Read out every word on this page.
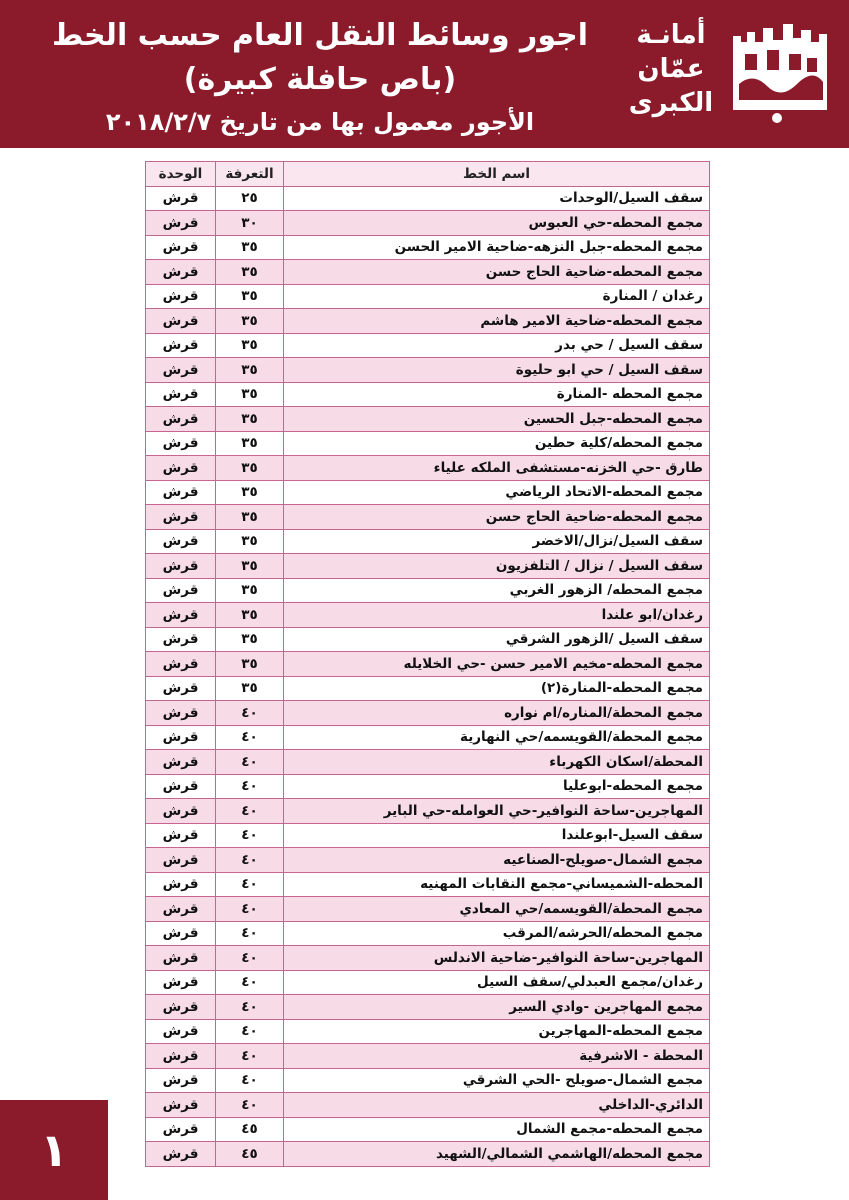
اجور وسائط النقل العام حسب الخط
(باص حافلة كبيرة)
الأجور معمول بها من تاريخ ٢٠١٨/٢/٧
أمانـة
عمّان
الكبرى
اسم الخط	التعرفة	الوحدة
سقف السيل/الوحدات	٢٥	قرش
مجمع المحطه-حي العبوس	٣٠	قرش
مجمع المحطه-جبل النزهه-ضاحية الامير الحسن	٣٥	قرش
مجمع المحطه-ضاحية الحاج حسن	٣٥	قرش
رغدان / المنارة	٣٥	قرش
مجمع المحطه-ضاحية الامير هاشم	٣٥	قرش
سقف السيل / حي بدر	٣٥	قرش
سقف السيل / حي ابو حليوة	٣٥	قرش
مجمع المحطه -المنارة	٣٥	قرش
مجمع المحطه-جبل الحسين	٣٥	قرش
مجمع المحطه/كلية حطين	٣٥	قرش
طارق -حي الخزنه-مستشفى الملكه علياء	٣٥	قرش
مجمع المحطه-الاتحاد الرياضي	٣٥	قرش
مجمع المحطه-ضاحية الحاج حسن	٣٥	قرش
سقف السيل/نزال/الاخضر	٣٥	قرش
سقف السيل / نزال / التلفزيون	٣٥	قرش
مجمع المحطه/ الزهور الغربي	٣٥	قرش
رغدان/ابو علندا	٣٥	قرش
سقف السيل /الزهور الشرقي	٣٥	قرش
مجمع المحطه-مخيم الامير حسن -حي الخلايله	٣٥	قرش
مجمع المحطه-المنارة(٢)	٣٥	قرش
مجمع المحطة/المناره/ام نواره	٤٠	قرش
مجمع المحطة/القويسمه/حي النهارية	٤٠	قرش
المحطة/اسكان الكهرباء	٤٠	قرش
مجمع المحطه-ابوعليا	٤٠	قرش
المهاجرين-ساحة النوافير-حي العوامله-حي الباير	٤٠	قرش
سقف السيل-ابوعلندا	٤٠	قرش
مجمع الشمال-صويلح-الصناعيه	٤٠	قرش
المحطه-الشميساني-مجمع النقابات المهنيه	٤٠	قرش
مجمع المحطة/القويسمه/حي المعادي	٤٠	قرش
مجمع المحطه/الحرشه/المرقب	٤٠	قرش
المهاجرين-ساحة النوافير-ضاحية الاندلس	٤٠	قرش
رغدان/مجمع العبدلي/سقف السيل	٤٠	قرش
مجمع المهاجرين -وادي السير	٤٠	قرش
مجمع المحطه-المهاجرين	٤٠	قرش
المحطة - الاشرفية	٤٠	قرش
مجمع الشمال-صويلح -الحي الشرقي	٤٠	قرش
الدائري-الداخلي	٤٠	قرش
مجمع المحطه-مجمع الشمال	٤٥	قرش
مجمع المحطه/الهاشمي الشمالي/الشهيد	٤٥	قرش
١
